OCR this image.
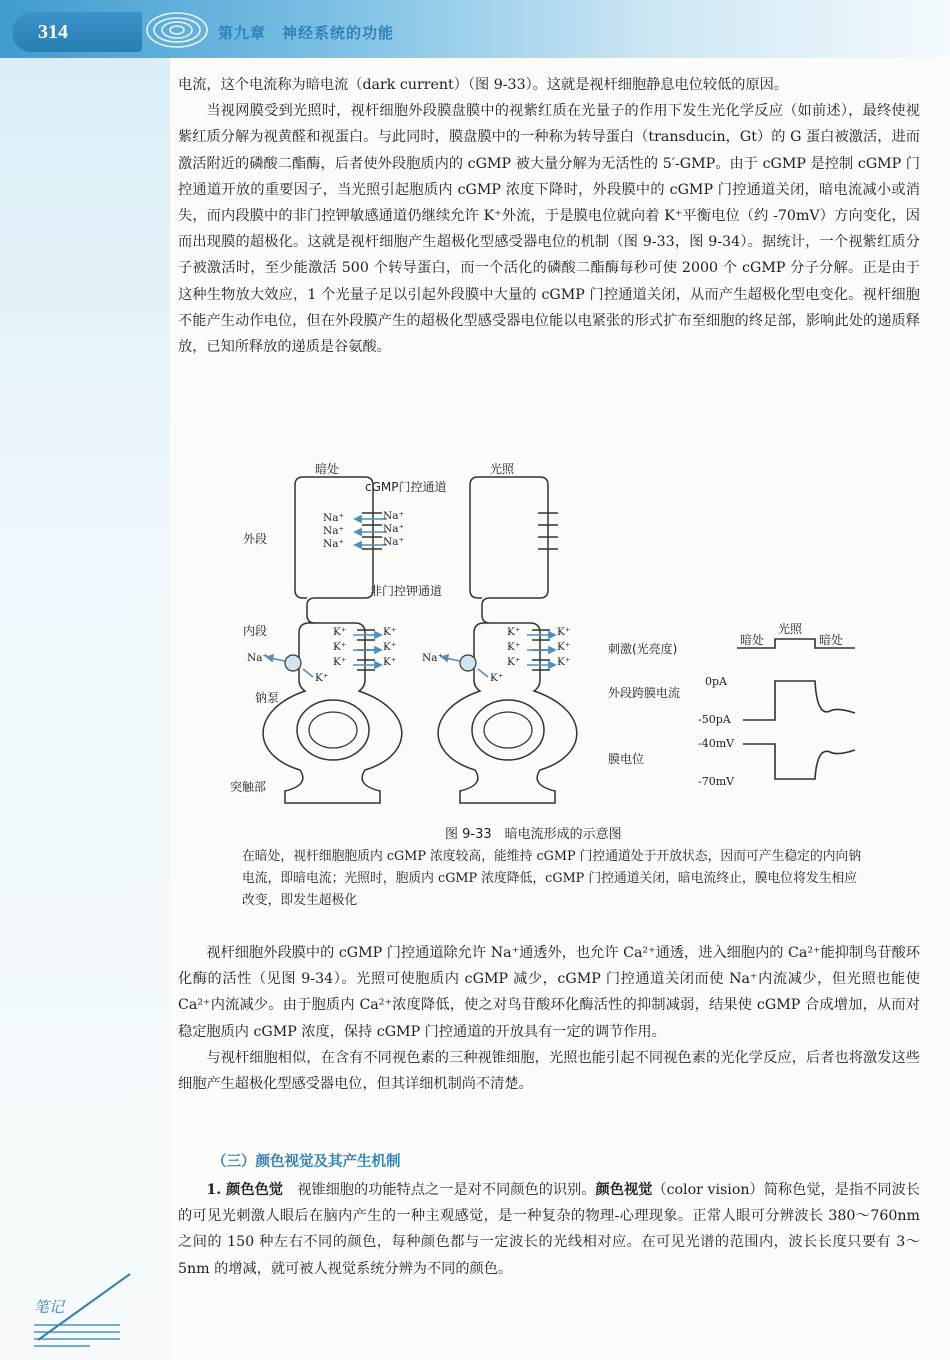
314	第九章　神经系统的功能

电流，这个电流称为暗电流（dark current）（图 9-33）。这就是视杆细胞静息电位较低的原因。

当视网膜受到光照时，视杆细胞外段膜盘膜中的视紫红质在光量子的作用下发生光化学反应（如前述），最终使视紫红质分解为视黄醛和视蛋白。与此同时，膜盘膜中的一种称为转导蛋白（transducin，Gt）的 G 蛋白被激活，进而激活附近的磷酸二酯酶，后者使外段胞质内的 cGMP 被大量分解为无活性的 5′-GMP。由于 cGMP 是控制 cGMP 门控通道开放的重要因子，当光照引起胞质内 cGMP 浓度下降时，外段膜中的 cGMP 门控通道关闭，暗电流减小或消失，而内段膜中的非门控钾敏感通道仍继续允许 K⁺外流，于是膜电位就向着 K⁺平衡电位（约 -70mV）方向变化，因而出现膜的超极化。这就是视杆细胞产生超极化型感受器电位的机制（图 9-33，图 9-34）。据统计，一个视紫红质分子被激活时，至少能激活 500 个转导蛋白，而一个活化的磷酸二酯酶每秒可使 2000 个 cGMP 分子分解。正是由于这种生物放大效应，1 个光量子足以引起外段膜中大量的 cGMP 门控通道关闭，从而产生超极化型电变化。视杆细胞不能产生动作电位，但在外段膜产生的超极化型感受器电位能以电紧张的形式扩布至细胞的终足部，影响此处的递质释放，已知所释放的递质是谷氨酸。

暗处	光照
cGMP门控通道
外段
非门控钾通道
内段
钠泵
突触部
Na⁺
Na⁺
Na⁺
Na⁺
Na⁺
Na⁺
K⁺
K⁺
K⁺
K⁺
K⁺
K⁺
Na⁺
K⁺
K⁺
K⁺
K⁺
K⁺
K⁺
K⁺
Na⁺
K⁺
刺激(光亮度)
暗处
光照
暗处
外段跨膜电流
膜电位
0pA
-50pA
-40mV
-70mV
图 9-33　暗电流形成的示意图
在暗处，视杆细胞胞质内 cGMP 浓度较高，能维持 cGMP 门控通道处于开放状态，因而可产生稳定的内向钠电流，即暗电流；光照时，胞质内 cGMP 浓度降低，cGMP 门控通道关闭，暗电流终止，膜电位将发生相应改变，即发生超极化

视杆细胞外段膜中的 cGMP 门控通道除允许 Na⁺通透外，也允许 Ca²⁺通透，进入细胞内的 Ca²⁺能抑制鸟苷酸环化酶的活性（见图 9-34）。光照可使胞质内 cGMP 减少，cGMP 门控通道关闭而使 Na⁺内流减少，但光照也能使 Ca²⁺内流减少。由于胞质内 Ca²⁺浓度降低，使之对鸟苷酸环化酶活性的抑制减弱，结果使 cGMP 合成增加，从而对稳定胞质内 cGMP 浓度，保持 cGMP 门控通道的开放具有一定的调节作用。

与视杆细胞相似，在含有不同视色素的三种视锥细胞，光照也能引起不同视色素的光化学反应，后者也将激发这些细胞产生超极化型感受器电位，但其详细机制尚不清楚。

（三）颜色视觉及其产生机制

1. 颜色色觉　视锥细胞的功能特点之一是对不同颜色的识别。颜色视觉（color vision）简称色觉，是指不同波长的可见光刺激人眼后在脑内产生的一种主观感觉，是一种复杂的物理-心理现象。正常人眼可分辨波长 380～760nm 之间的 150 种左右不同的颜色，每种颜色都与一定波长的光线相对应。在可见光谱的范围内，波长长度只要有 3～5nm 的增减，就可被人视觉系统分辨为不同的颜色。

笔记
